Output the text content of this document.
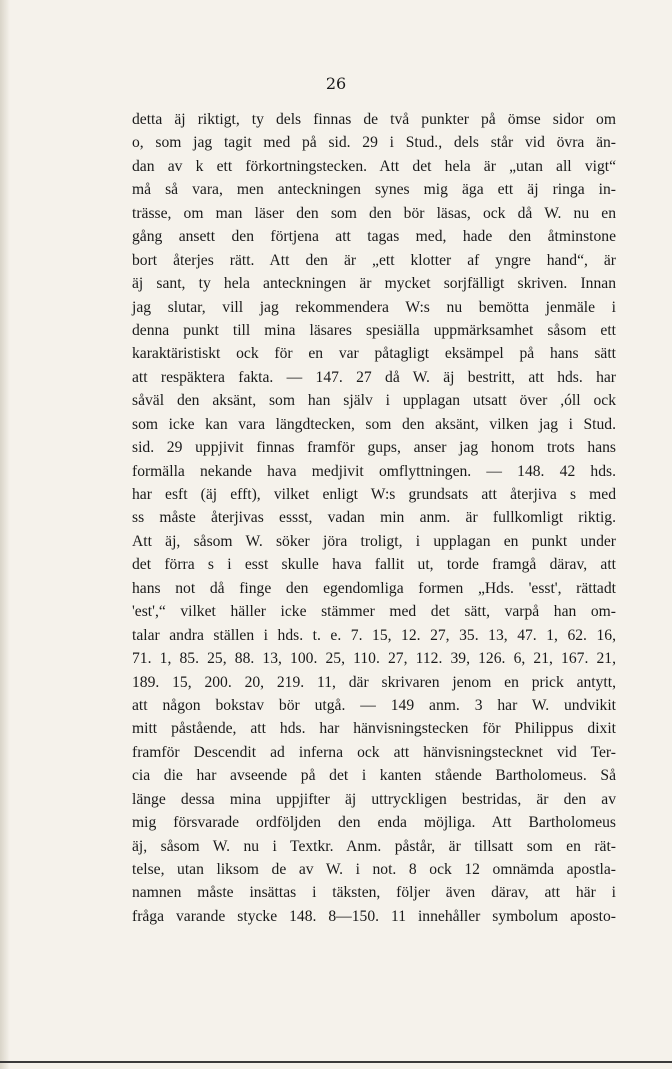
26
detta äj riktigt, ty dels finnas de två punkter på ömse sidor om
o, som jag tagit med på sid. 29 i Stud., dels står vid övra än-
dan av k ett förkortningstecken. Att det hela är „utan all vigt“
må så vara, men anteckningen synes mig äga ett äj ringa in-
trässe, om man läser den som den bör läsas, ock då W. nu en
gång ansett den förtjena att tagas med, hade den åtminstone
bort återjes rätt. Att den är „ett klotter af yngre hand“, är
äj sant, ty hela anteckningen är mycket sorjfälligt skriven. Innan
jag slutar, vill jag rekommendera W:s nu bemötta jenmäle i
denna punkt till mina läsares spesiälla uppmärksamhet såsom ett
karaktäristiskt ock för en var påtagligt eksämpel på hans sätt
att respäktera fakta. — 147. 27 då W. äj bestritt, att hds. har
såväl den aksänt, som han själv i upplagan utsatt över ,óll ock
som icke kan vara längdtecken, som den aksänt, vilken jag i Stud.
sid. 29 uppjivit finnas framför gups, anser jag honom trots hans
formälla nekande hava medjivit omflyttningen. — 148. 42 hds.
har esft (äj efft), vilket enligt W:s grundsats att återjiva s med
ss måste återjivas essst, vadan min anm. är fullkomligt riktig.
Att äj, såsom W. söker jöra troligt, i upplagan en punkt under
det förra s i esst skulle hava fallit ut, torde framgå därav, att
hans not då finge den egendomliga formen „Hds. 'esst', rättadt
'est',“ vilket häller icke stämmer med det sätt, varpå han om-
talar andra ställen i hds. t. e. 7. 15, 12. 27, 35. 13, 47. 1, 62. 16,
71. 1, 85. 25, 88. 13, 100. 25, 110. 27, 112. 39, 126. 6, 21, 167. 21,
189. 15, 200. 20, 219. 11, där skrivaren jenom en prick antytt,
att någon bokstav bör utgå. — 149 anm. 3 har W. undvikit
mitt påstående, att hds. har hänvisningstecken för Philippus dixit
framför Descendit ad inferna ock att hänvisningstecknet vid Ter-
cia die har avseende på det i kanten stående Bartholomeus. Så
länge dessa mina uppjifter äj uttryckligen bestridas, är den av
mig försvarade ordföljden den enda möjliga. Att Bartholomeus
äj, såsom W. nu i Textkr. Anm. påstår, är tillsatt som en rät-
telse, utan liksom de av W. i not. 8 ock 12 omnämda apostla-
namnen måste insättas i täksten, följer även därav, att här i
fråga varande stycke 148. 8—150. 11 innehåller symbolum aposto-
